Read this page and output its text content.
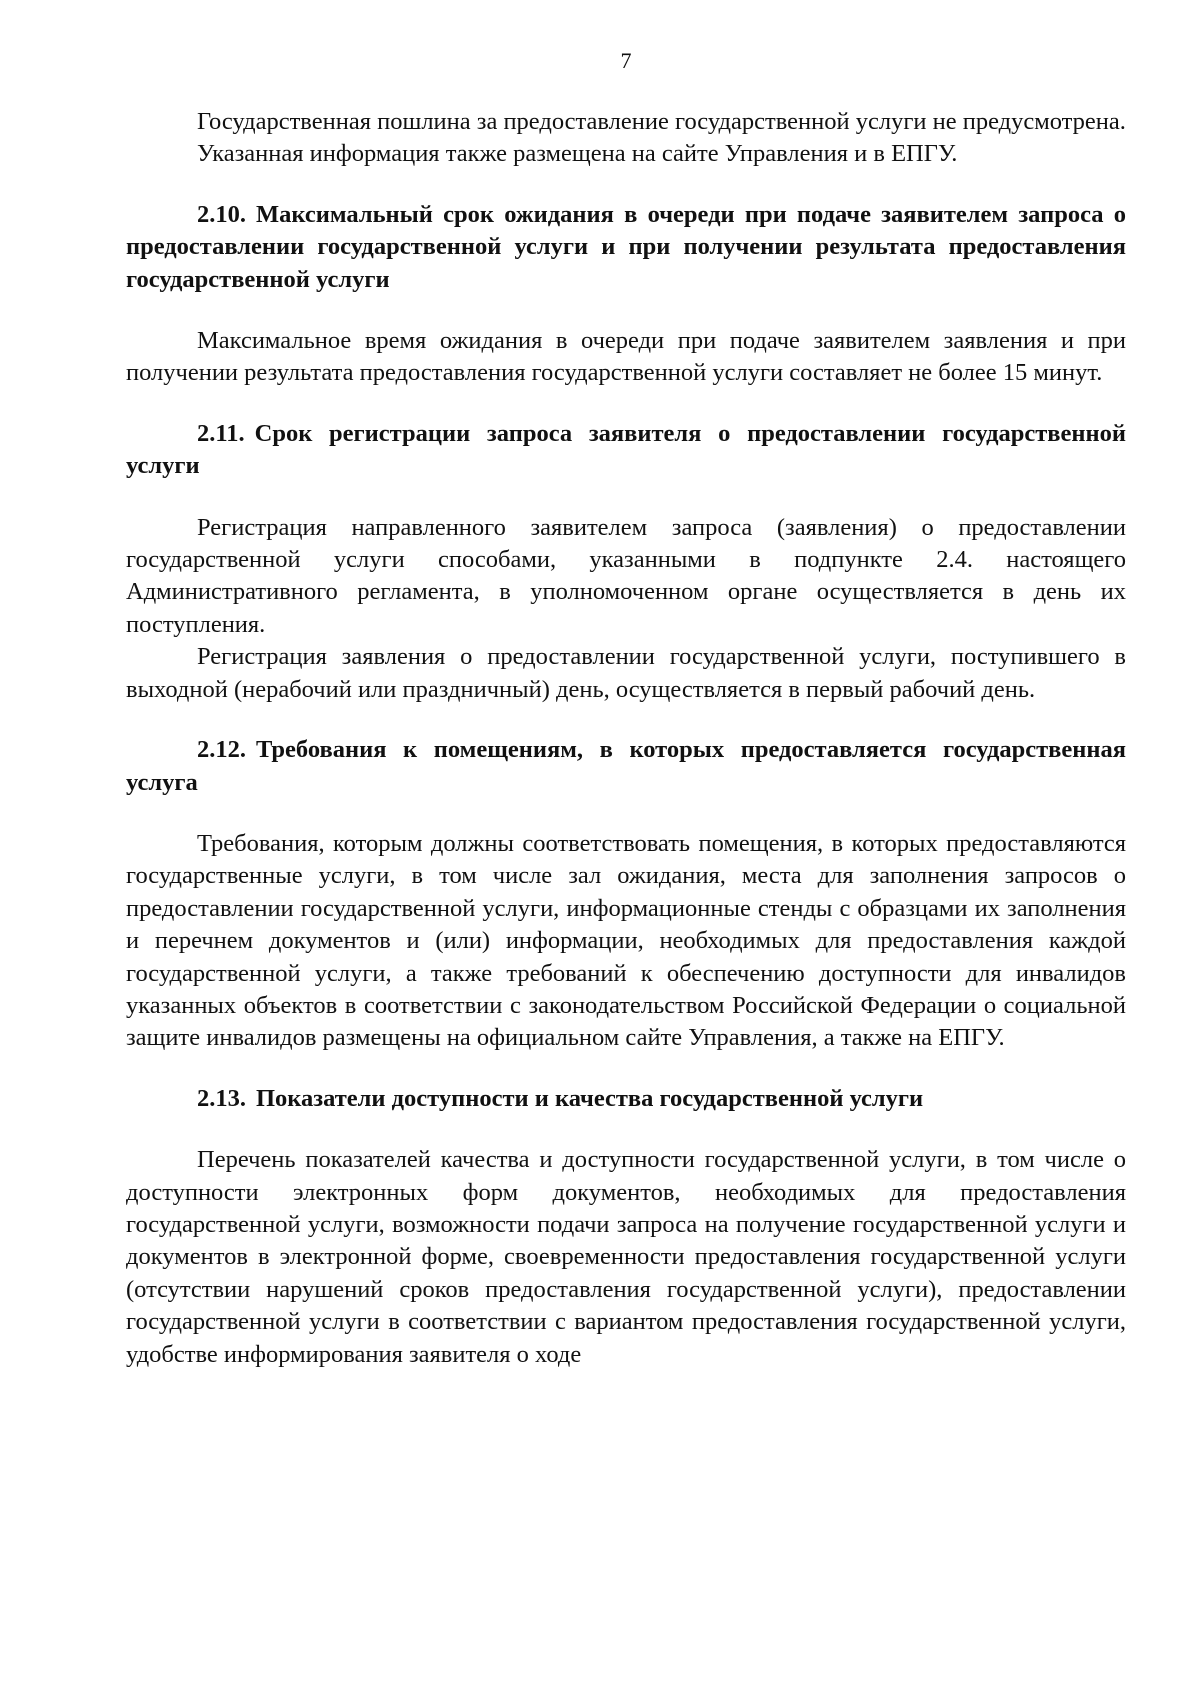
7

Государственная пошлина за предоставление государственной услуги не предусмотрена.

Указанная информация также размещена на сайте Управления и в ЕПГУ.

2.10. Максимальный срок ожидания в очереди при подаче заявителем запроса о предоставлении государственной услуги и при получении результата предоставления государственной услуги

Максимальное время ожидания в очереди при подаче заявителем заявления и при получении результата предоставления государственной услуги составляет не более 15 минут.

2.11. Срок регистрации запроса заявителя о предоставлении государственной услуги

Регистрация направленного заявителем запроса (заявления) о предоставлении государственной услуги способами, указанными в подпункте 2.4. настоящего Административного регламента, в уполномоченном органе осуществляется в день их поступления.

Регистрация заявления о предоставлении государственной услуги, поступившего в выходной (нерабочий или праздничный) день, осуществляется в первый рабочий день.

2.12. Требования к помещениям, в которых предоставляется государственная услуга

Требования, которым должны соответствовать помещения, в которых предоставляются государственные услуги, в том числе зал ожидания, места для заполнения запросов о предоставлении государственной услуги, информационные стенды с образцами их заполнения и перечнем документов и (или) информации, необходимых для предоставления каждой государственной услуги, а также требований к обеспечению доступности для инвалидов указанных объектов в соответствии с законодательством Российской Федерации о социальной защите инвалидов размещены на официальном сайте Управления, а также на ЕПГУ.

2.13. Показатели доступности и качества государственной услуги

Перечень показателей качества и доступности государственной услуги, в том числе о доступности электронных форм документов, необходимых для предоставления государственной услуги, возможности подачи запроса на получение государственной услуги и документов в электронной форме, своевременности предоставления государственной услуги (отсутствии нарушений сроков предоставления государственной услуги), предоставлении государственной услуги в соответствии с вариантом предоставления государственной услуги, удобстве информирования заявителя о ходе
